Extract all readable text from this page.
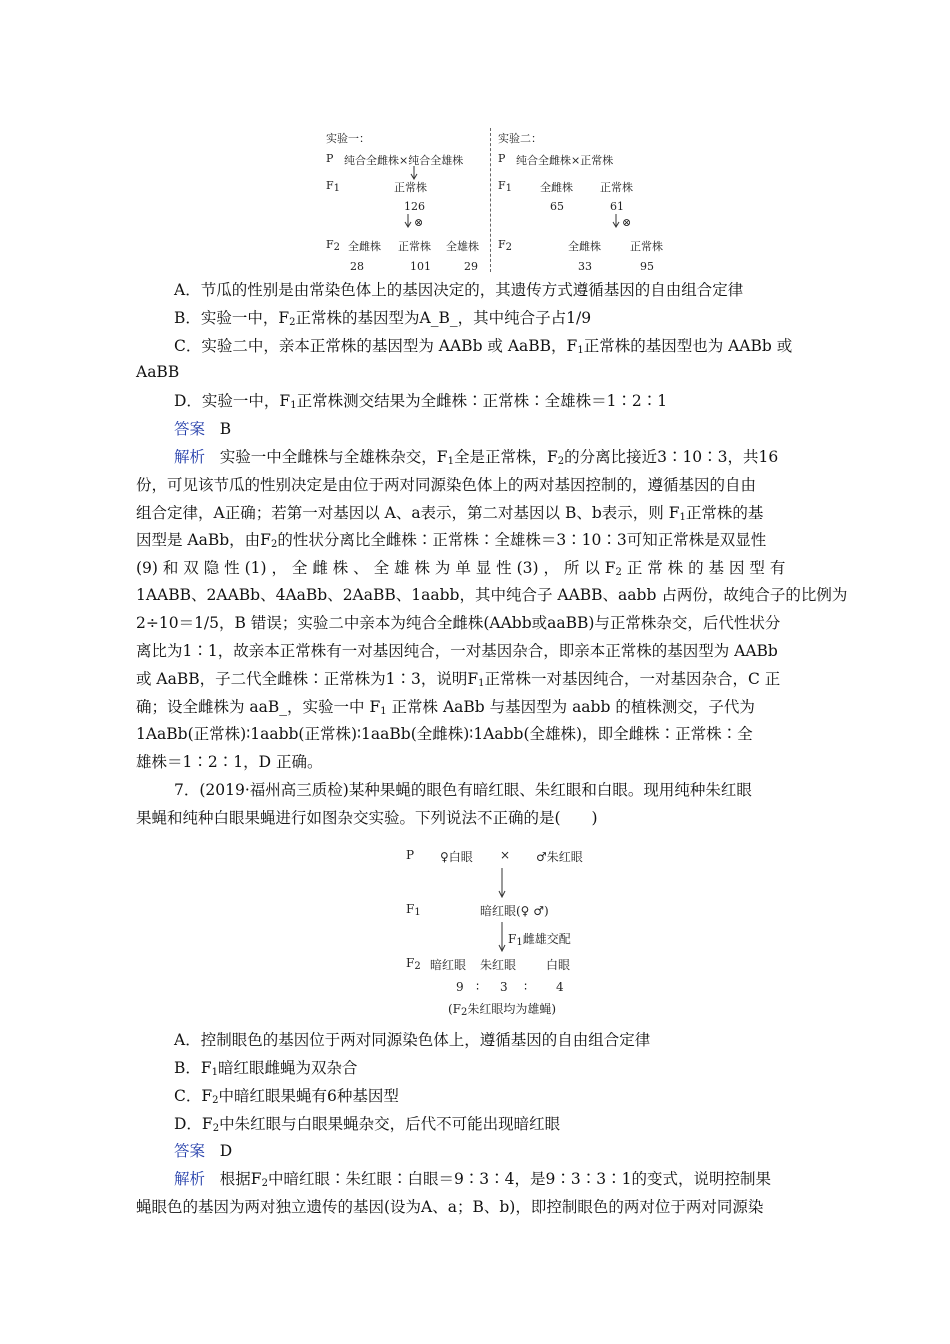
实验一：	实验二：
P 纯合全雌株×纯合全雄株	P 纯合全雌株×正常株
$F_1$	正常株
126
⊗
$F_1$	全雌株 正常株
65	61
⊗
$F_2$ 全雌株 正常株 全雄株
28	101	29
$F_2$	全雌株	正常株
33	95
A．节瓜的性别是由常染色体上的基因决定的，其遗传方式遵循基因的自由组合定律
B．实验一中，$F_2$正常株的基因型为A_B_，其中纯合子占1/9
C．实验二中，亲本正常株的基因型为 AABb 或 AaBB，$F_1$正常株的基因型也为 AABb 或
AaBB
D．实验一中，$F_1$正常株测交结果为全雌株∶正常株∶全雄株＝1∶2∶1
答案 B
解析 实验一中全雌株与全雄株杂交，$F_1$全是正常株，$F_2$的分离比接近3∶10∶3，共16
份，可见该节瓜的性别决定是由位于两对同源染色体上的两对基因控制的，遵循基因的自由
组合定律，A正确；若第一对基因以 A、a表示，第二对基因以 B、b表示，则 $F_1$正常株的基
因型是 AaBb，由$F_2$的性状分离比全雌株∶正常株∶全雄株＝3∶10∶3可知正常株是双显性
(9) 和 双 隐 性 (1) ， 全 雌 株 、 全 雄 株 为 单 显 性 (3) ， 所 以 $F_2$ 正 常 株 的 基 因 型 有
1AABB、2AABb、4AaBb、2AaBB、1aabb，其中纯合子 AABB、aabb 占两份，故纯合子的比例为
2÷10＝1/5，B 错误；实验二中亲本为纯合全雌株(AAbb或aaBB)与正常株杂交，后代性状分
离比为1∶1，故亲本正常株有一对基因纯合，一对基因杂合，即亲本正常株的基因型为 AABb
或 AaBB，子二代全雌株∶正常株为1∶3，说明$F_1$正常株一对基因纯合，一对基因杂合，C 正
确；设全雌株为 aaB_，实验一中 $F_1$ 正常株 AaBb 与基因型为 aabb 的植株测交，子代为
1AaBb(正常株)∶1aabb(正常株)∶1aaBb(全雌株)∶1Aabb(全雄株)，即全雌株∶正常株∶全
雄株＝1∶2∶1，D 正确。
7．(2019·福州高三质检)某种果蝇的眼色有暗红眼、朱红眼和白眼。现用纯种朱红眼
果蝇和纯种白眼果蝇进行如图杂交实验。下列说法不正确的是(　　)
A．控制眼色的基因位于两对同源染色体上，遵循基因的自由组合定律
B．$F_1$暗红眼雌蝇为双杂合
C．$F_2$中暗红眼果蝇有6种基因型
D．$F_2$中朱红眼与白眼果蝇杂交，后代不可能出现暗红眼
答案 D
解析 根据$F_2$中暗红眼∶朱红眼∶白眼＝9∶3∶4，是9∶3∶3∶1的变式，说明控制果
蝇眼色的基因为两对独立遗传的基因(设为A、a；B、b)，即控制眼色的两对位于两对同源染
P ♀白眼 × ♂朱红眼
$F_1$	暗红眼(♀ ♂)
$F_1$雌雄交配
$F_2$ 暗红眼 朱红眼 白眼
9 ∶ 3 ∶ 4
($F_2$朱红眼均为雄蝇)
